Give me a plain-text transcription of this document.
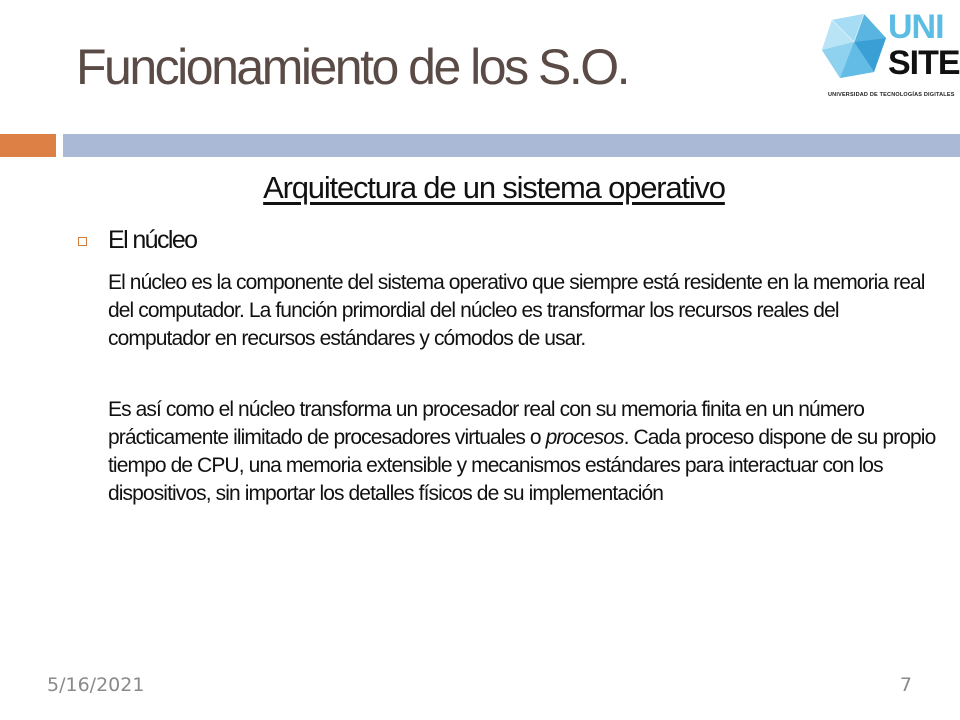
Funcionamiento de los S.O.
UNI
SITE
UNIVERSIDAD DE TECNOLOGÍAS DIGITALES
Arquitectura de un sistema operativo
El núcleo

El núcleo es la componente del sistema operativo que siempre está residente en la memoria real del computador. La función primordial del núcleo es transformar los recursos reales del computador en recursos estándares y cómodos de usar.

Es así como el núcleo transforma un procesador real con su memoria finita en un número prácticamente ilimitado de procesadores virtuales o procesos. Cada proceso dispone de su propio tiempo de CPU, una memoria extensible y mecanismos estándares para interactuar con los dispositivos, sin importar los detalles físicos de su implementación

5/16/2021	7
